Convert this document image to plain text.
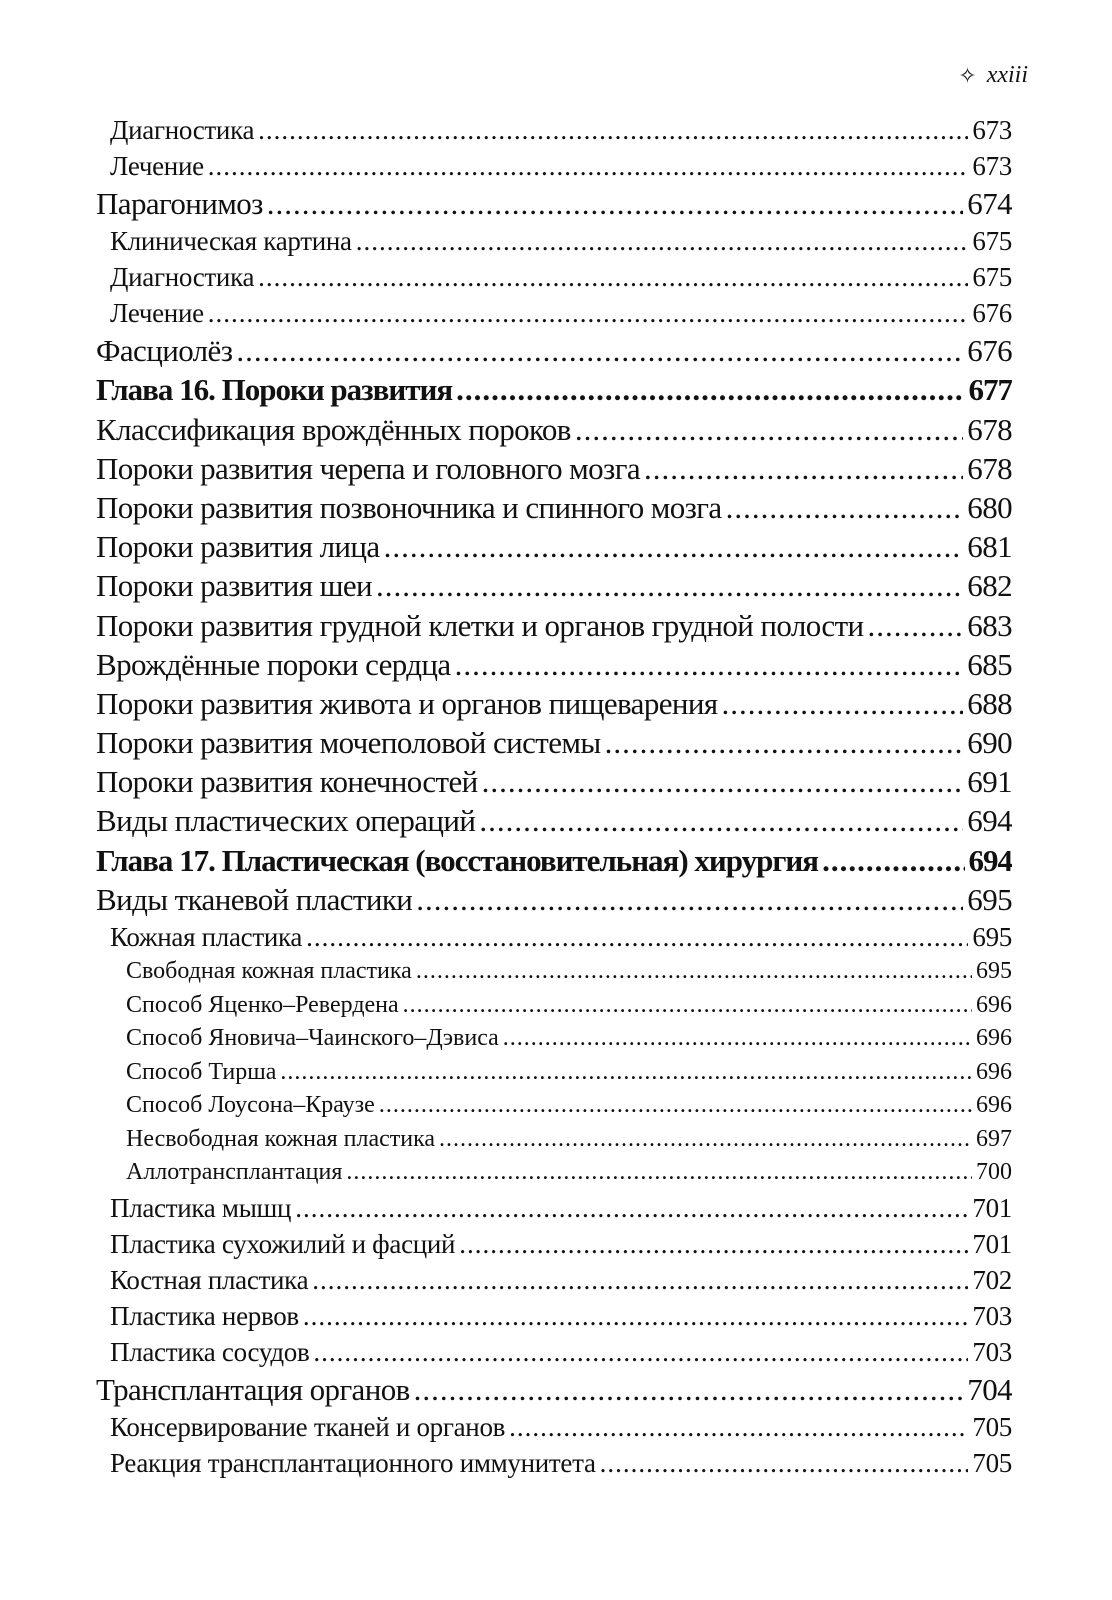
✧ xxiii
Диагностика .....	673
Лечение .....	673
Парагонимоз .....	674
Клиническая картина .....	675
Диагностика .....	675
Лечение .....	676
Фасциолёз .....	676
Глава 16. Пороки развития .....	677
Классификация врождённых пороков .....	678
Пороки развития черепа и головного мозга .....	678
Пороки развития позвоночника и спинного мозга .....	680
Пороки развития лица .....	681
Пороки развития шеи .....	682
Пороки развития грудной клетки и органов грудной полости .....	683
Врождённые пороки сердца .....	685
Пороки развития живота и органов пищеварения .....	688
Пороки развития мочеполовой системы .....	690
Пороки развития конечностей .....	691
Виды пластических операций .....	694
Глава 17. Пластическая (восстановительная) хирургия .....	694
Виды тканевой пластики .....	695
Кожная пластика .....	695
Свободная кожная пластика .....	695
Способ Яценко–Ревердена .....	696
Способ Яновича–Чаинского–Дэвиса .....	696
Способ Тирша .....	696
Способ Лоусона–Краузе .....	696
Несвободная кожная пластика .....	697
Аллотрансплантация .....	700
Пластика мышц .....	701
Пластика сухожилий и фасций .....	701
Костная пластика .....	702
Пластика нервов .....	703
Пластика сосудов .....	703
Трансплантация органов .....	704
Консервирование тканей и органов .....	705
Реакция трансплантационного иммунитета .....	705
